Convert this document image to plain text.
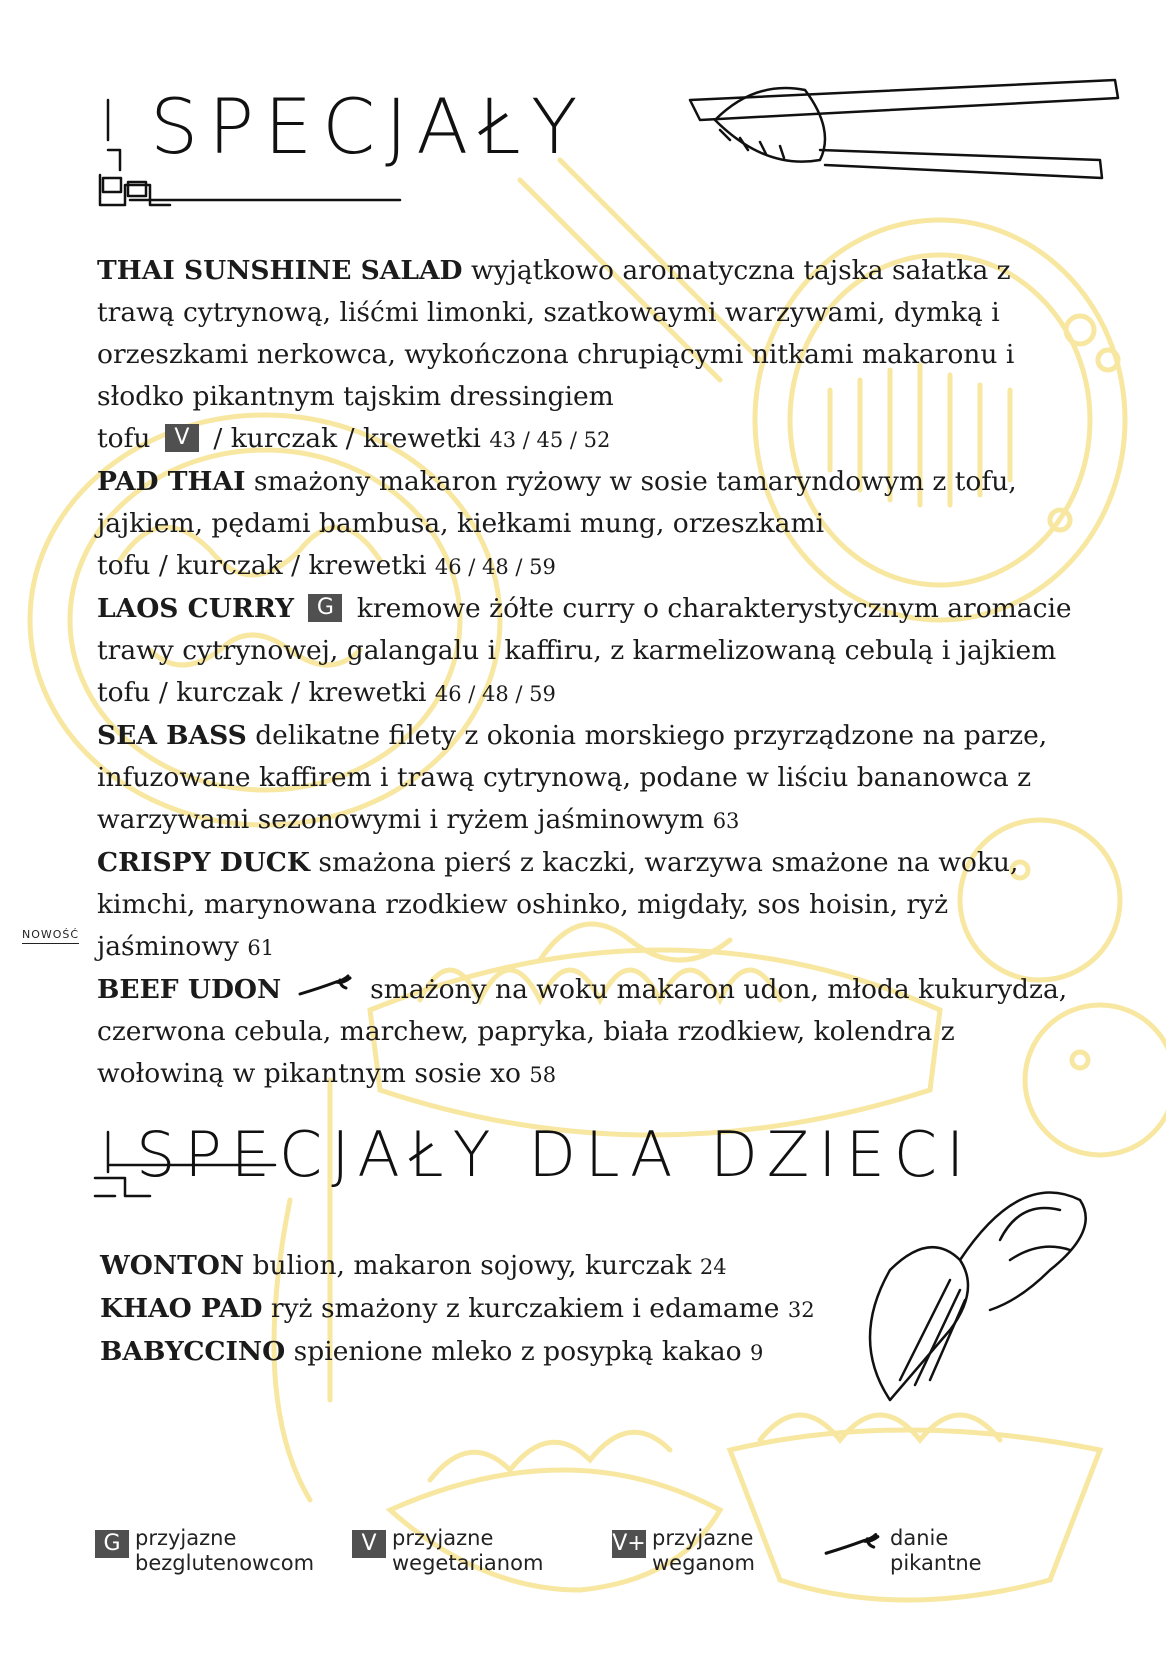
SPECJAŁY

THAI SUNSHINE SALAD wyjątkowo aromatyczna tajska sałatka z trawą cytrynową, liśćmi limonki, szatkowaymi warzywami, dymką i orzeszkami nerkowca, wykończona chrupiącymi nitkami makaronu i słodko pikantnym tajskim dressingiem
tofu V / kurczak / krewetki 43 / 45 / 52

PAD THAI smażony makaron ryżowy w sosie tamaryndowym z tofu, jajkiem, pędami bambusa, kiełkami mung, orzeszkami
tofu / kurczak / krewetki 46 / 48 / 59

LAOS CURRY G kremowe żółte curry o charakterystycznym aromacie trawy cytrynowej, galangalu i kaffiru, z karmelizowaną cebulą i jajkiem
tofu / kurczak / krewetki 46 / 48 / 59

SEA BASS delikatne filety z okonia morskiego przyrządzone na parze, infuzowane kaffirem i trawą cytrynową, podane w liściu bananowca z warzywami sezonowymi i ryżem jaśminowym 63

CRISPY DUCK smażona pierś z kaczki, warzywa smażone na woku, kimchi, marynowana rzodkiew oshinko, migdały, sos hoisin, ryż jaśminowy 61

BEEF UDON	smażony na woku makaron udon, młoda kukurydza, czerwona cebula, marchew, papryka, biała rzodkiew, kolendra z wołowiną w pikantnym sosie xo 58

NOWOŚĆ
SPECJAŁY DLA DZIECI

WONTON bulion, makaron sojowy, kurczak 24

KHAO PAD ryż smażony z kurczakiem i edamame 32

BABYCCINO spienione mleko z posypką kakao 9

G przyjazne
bezglutenowcom
V przyjazne
wegetarianom
V+ przyjazne
weganom
danie
pikantne
